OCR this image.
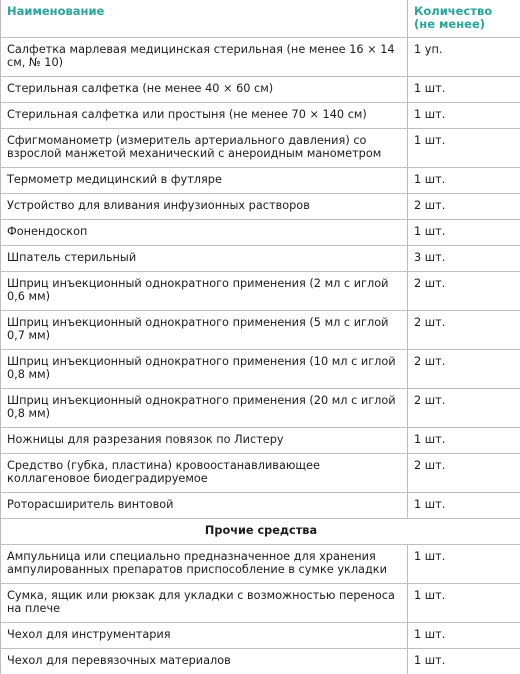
Наименование	Количество
(не менее)
Салфетка марлевая медицинская стерильная (не менее 16 × 14 см, № 10)	1 уп.
Стерильная салфетка (не менее 40 × 60 см)	1 шт.
Стерильная салфетка или простыня (не менее 70 × 140 см)	1 шт.
Сфигмоманометр (измеритель артериального давления) со взрослой манжетой механический с анероидным манометром	1 шт.
Термометр медицинский в футляре	1 шт.
Устройство для вливания инфузионных растворов	2 шт.
Фонендоскоп	1 шт.
Шпатель стерильный	3 шт.
Шприц инъекционный однократного применения (2 мл с иглой 0,6 мм)	2 шт.
Шприц инъекционный однократного применения (5 мл с иглой 0,7 мм)	2 шт.
Шприц инъекционный однократного применения (10 мл с иглой 0,8 мм)	2 шт.
Шприц инъекционный однократного применения (20 мл с иглой 0,8 мм)	2 шт.
Ножницы для разрезания повязок по Листеру	1 шт.
Средство (губка, пластина) кровоостанавливающее коллагеновое биодеградируемое	2 шт.
Роторасширитель винтовой	1 шт.
Прочие средства	
Ампульница или специально предназначенное для хранения ампулированных препаратов приспособление в сумке укладки	1 шт.
Сумка, ящик или рюкзак для укладки с возможностью переноса на плече	1 шт.
Чехол для инструментария	1 шт.
Чехол для перевязочных материалов	1 шт.
